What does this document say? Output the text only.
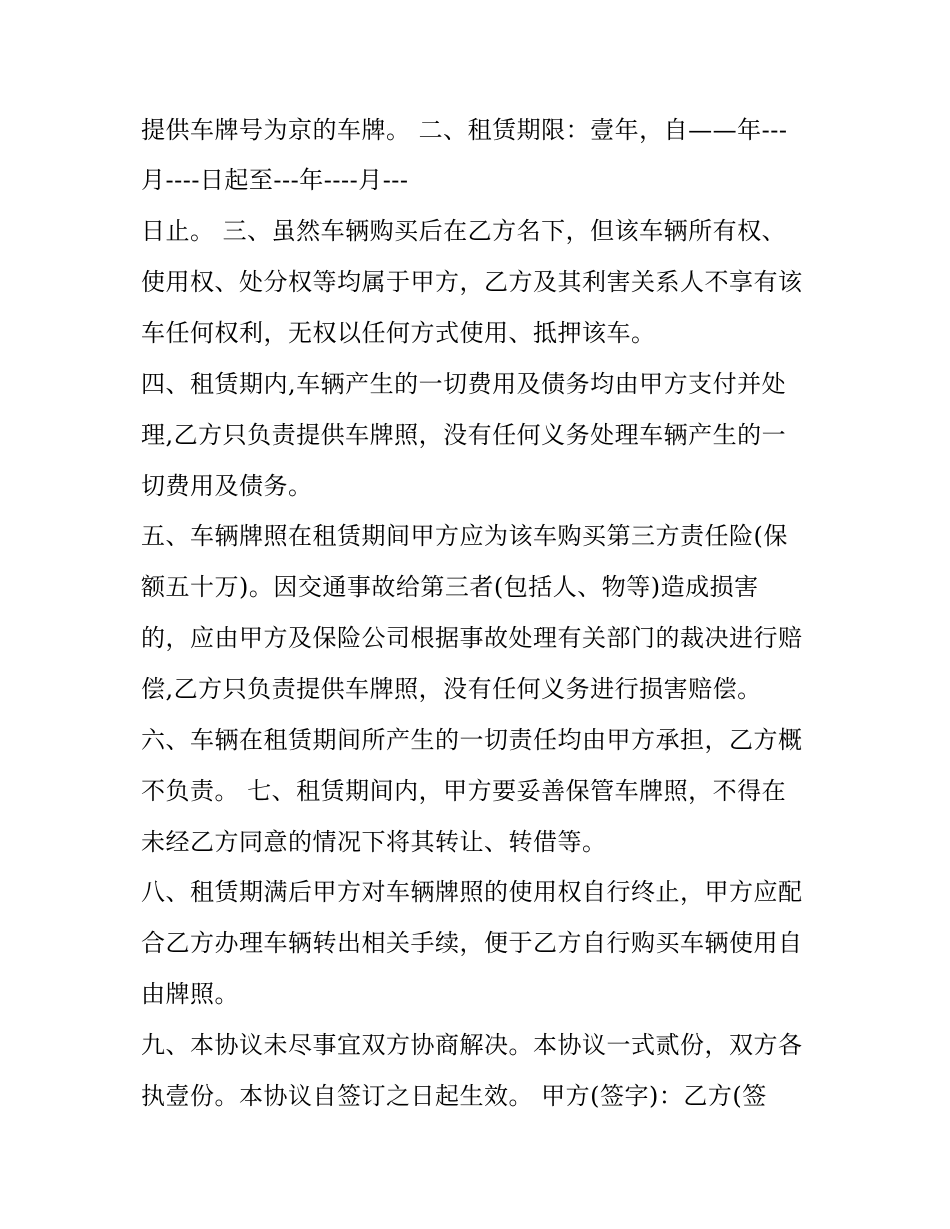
提供车牌号为京的车牌。 二、租赁期限：壹年，自——年---
月----日起至---年----月---
日止。 三、虽然车辆购买后在乙方名下，但该车辆所有权、
使用权、处分权等均属于甲方，乙方及其利害关系人不享有该
车任何权利，无权以任何方式使用、抵押该车。
四、租赁期内,车辆产生的一切费用及债务均由甲方支付并处
理,乙方只负责提供车牌照，没有任何义务处理车辆产生的一
切费用及债务。
五、车辆牌照在租赁期间甲方应为该车购买第三方责任险(保
额五十万)。因交通事故给第三者(包括人、物等)造成损害
的，应由甲方及保险公司根据事故处理有关部门的裁决进行赔
偿,乙方只负责提供车牌照，没有任何义务进行损害赔偿。
六、车辆在租赁期间所产生的一切责任均由甲方承担，乙方概
不负责。 七、租赁期间内，甲方要妥善保管车牌照，不得在
未经乙方同意的情况下将其转让、转借等。
八、租赁期满后甲方对车辆牌照的使用权自行终止，甲方应配
合乙方办理车辆转出相关手续，便于乙方自行购买车辆使用自
由牌照。
九、本协议未尽事宜双方协商解决。本协议一式贰份，双方各
执壹份。本协议自签订之日起生效。 甲方(签字)：乙方(签
